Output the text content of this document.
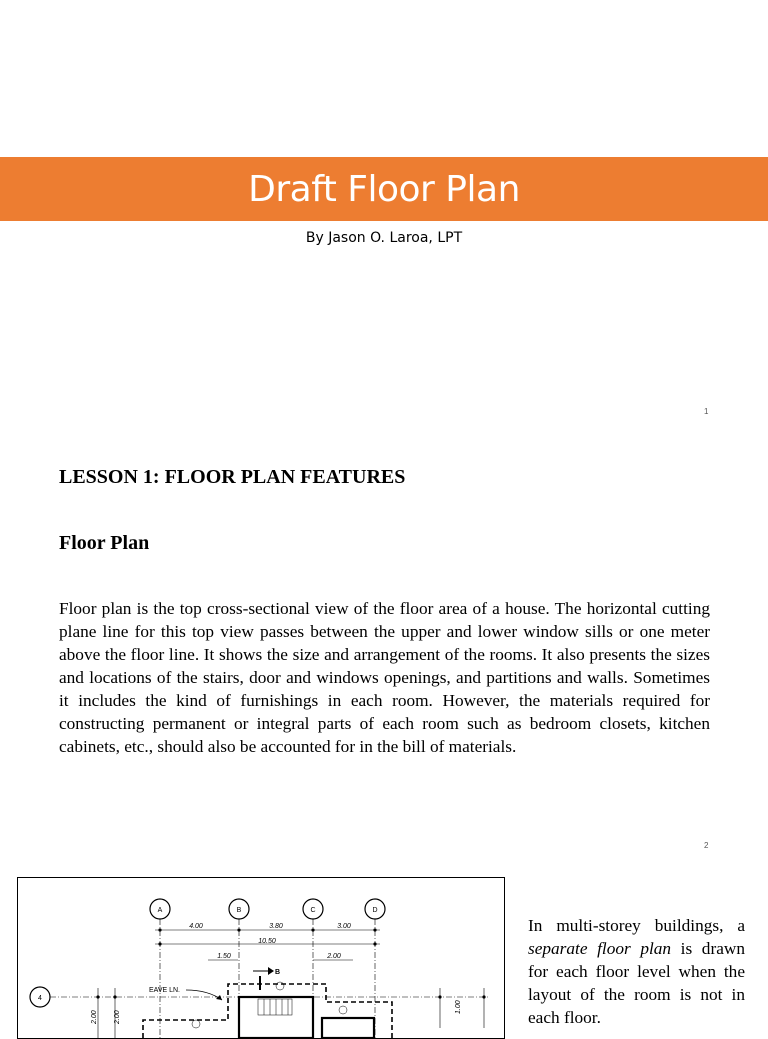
Draft Floor Plan
By Jason O. Laroa, LPT
1
LESSON 1: FLOOR PLAN FEATURES
Floor Plan

Floor plan is the top cross-sectional view of the floor area of a house. The horizontal cutting plane line for this top view passes between the upper and lower window sills or one meter above the floor line. It shows the size and arrangement of the rooms. It also presents the sizes and locations of the stairs, door and windows openings, and partitions and walls. Sometimes it includes the kind of furnishings in each room. However, the materials required for constructing permanent or integral parts of each room such as bedroom closets, kitchen cabinets, etc., should also be accounted for in the bill of materials.

2
A	B	C	D
4
4.00	3.80	3.00
10.50
1.50	2.00
2.00 2.00
1.00
B
EAVE LN.

In multi-storey buildings, a separate floor plan is drawn for each floor level when the layout of the room is not in each floor.
